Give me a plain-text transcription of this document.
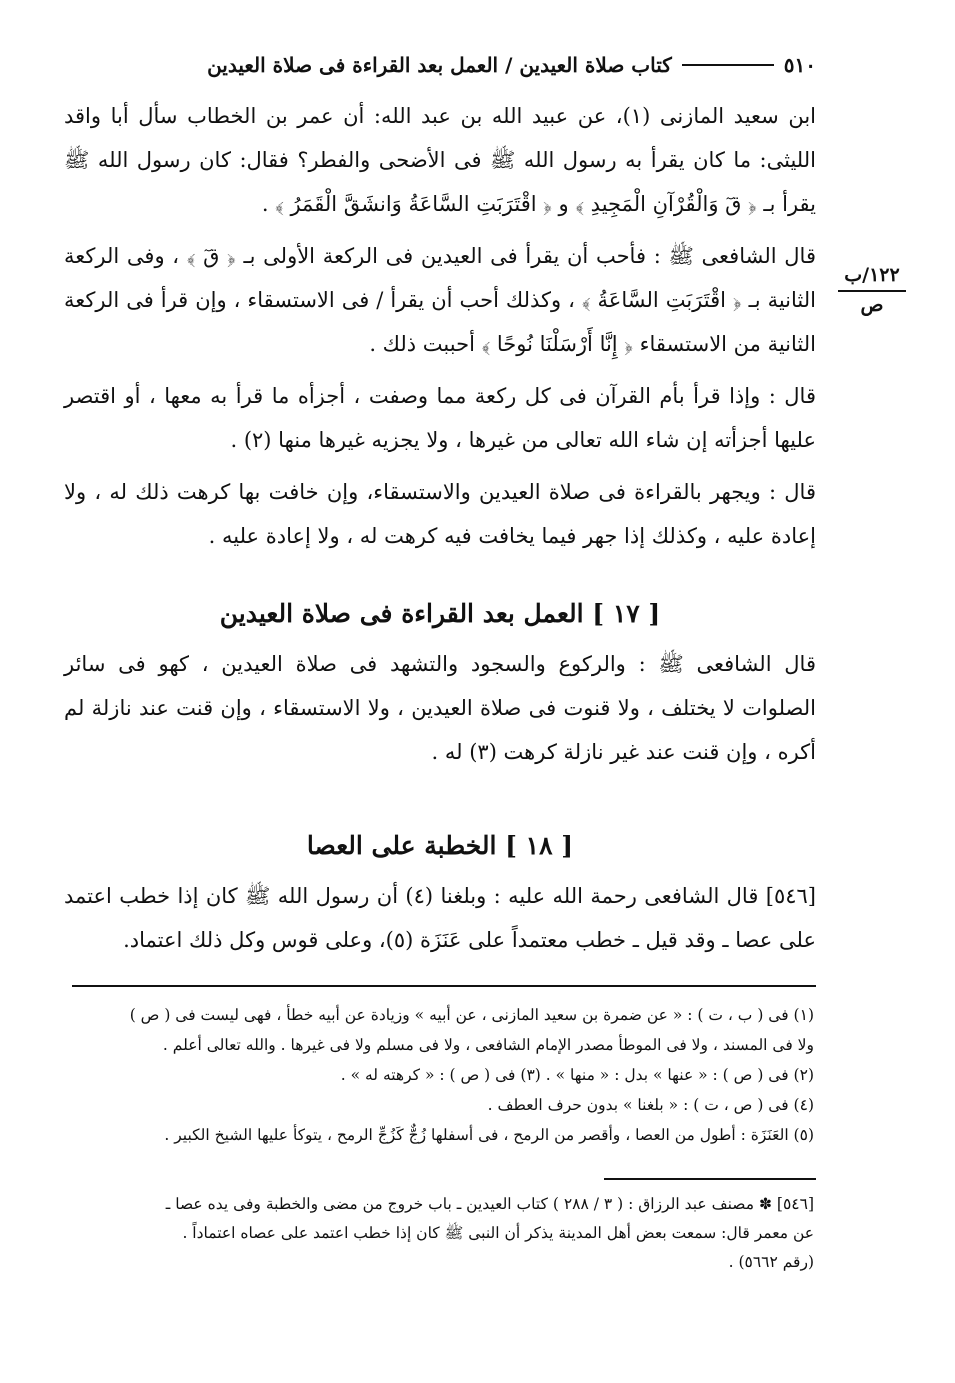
٥١٠
كتاب صلاة العيدين / العمل بعد القراءة فى صلاة العيدين
١٢٢/ب
ص

ابن سعيد المازنى (١)، عن عبيد الله بن عبد الله: أن عمر بن الخطاب سأل أبا واقد الليثى: ما كان يقرأ به رسول الله ﷺ فى الأضحى والفطر؟ فقال: كان رسول الله ﷺ يقرأ بـ ﴿ قٓ وَالْقُرْآنِ الْمَجِيدِ ﴾ و ﴿ اقْتَرَبَتِ السَّاعَةُ وَانشَقَّ الْقَمَرُ ﴾ .

قال الشافعى ﷺ : فأحب أن يقرأ فى العيدين فى الركعة الأولى بـ ﴿ قٓ ﴾ ، وفى الركعة الثانية بـ ﴿ اقْتَرَبَتِ السَّاعَةُ ﴾ ، وكذلك أحب أن يقرأ / فى الاستسقاء ، وإن قرأ فى الركعة الثانية من الاستسقاء ﴿ إِنَّا أَرْسَلْنَا نُوحًا ﴾ أحببت ذلك .

قال : وإذا قرأ بأم القرآن فى كل ركعة مما وصفت ، أجزأه ما قرأ به معها ، أو اقتصر عليها أجزأته إن شاء الله تعالى من غيرها ، ولا يجزيه غيرها منها (٢) .

قال : ويجهر بالقراءة فى صلاة العيدين والاستسقاء، وإن خافت بها كرهت ذلك له ، ولا إعادة عليه ، وكذلك إذا جهر فيما يخافت فيه كرهت له ، ولا إعادة عليه .

[ ١٧ ] العمل بعد القراءة فى صلاة العيدين

قال الشافعى ﷺ : والركوع والسجود والتشهد فى صلاة العيدين ، كهو فى سائر الصلوات لا يختلف ، ولا قنوت فى صلاة العيدين ، ولا الاستسقاء ، وإن قنت عند نازلة لم أكره ، وإن قنت عند غير نازلة كرهت (٣) له .

[ ١٨ ] الخطبة على العصا

[٥٤٦] قال الشافعى رحمة الله عليه : وبلغنا (٤) أن رسول الله ﷺ كان إذا خطب اعتمد على عصا ـ وقد قيل ـ خطب معتمداً على عَنَزَة (٥)، وعلى قوس وكل ذلك اعتماد.

(١) فى ( ب ، ت ) : « عن ضمرة بن سعيد المازنى ، عن أبيه » وزيادة عن أبيه خطأ ، فهى ليست فى ( ص )
ولا فى المسند ، ولا فى الموطأ مصدر الإمام الشافعى ، ولا فى مسلم ولا فى غيرها . والله تعالى أعلم .
(٢) فى ( ص ) : « عنها » بدل : « منها » . (٣) فى ( ص ) : « كرهته له » .
(٤) فى ( ص ، ت ) : « بلغنا » بدون حرف العطف .
(٥) العَنَزَة : أطول من العصا ، وأقصر من الرمح ، فى أسفلها زُجٌّ كَزُجِّ الرمح ، يتوكأ عليها الشيخ الكبير .
[٥٤٦] ✽ مصنف عبد الرزاق : ( ٣ / ٢٨٨ ) كتاب العيدين ـ باب خروج من مضى والخطبة وفى يده عصا ـ
عن معمر قال: سمعت بعض أهل المدينة يذكر أن النبى ﷺ كان إذا خطب اعتمد على عصاه اعتماداً .
(رقم ٥٦٦٢) .
